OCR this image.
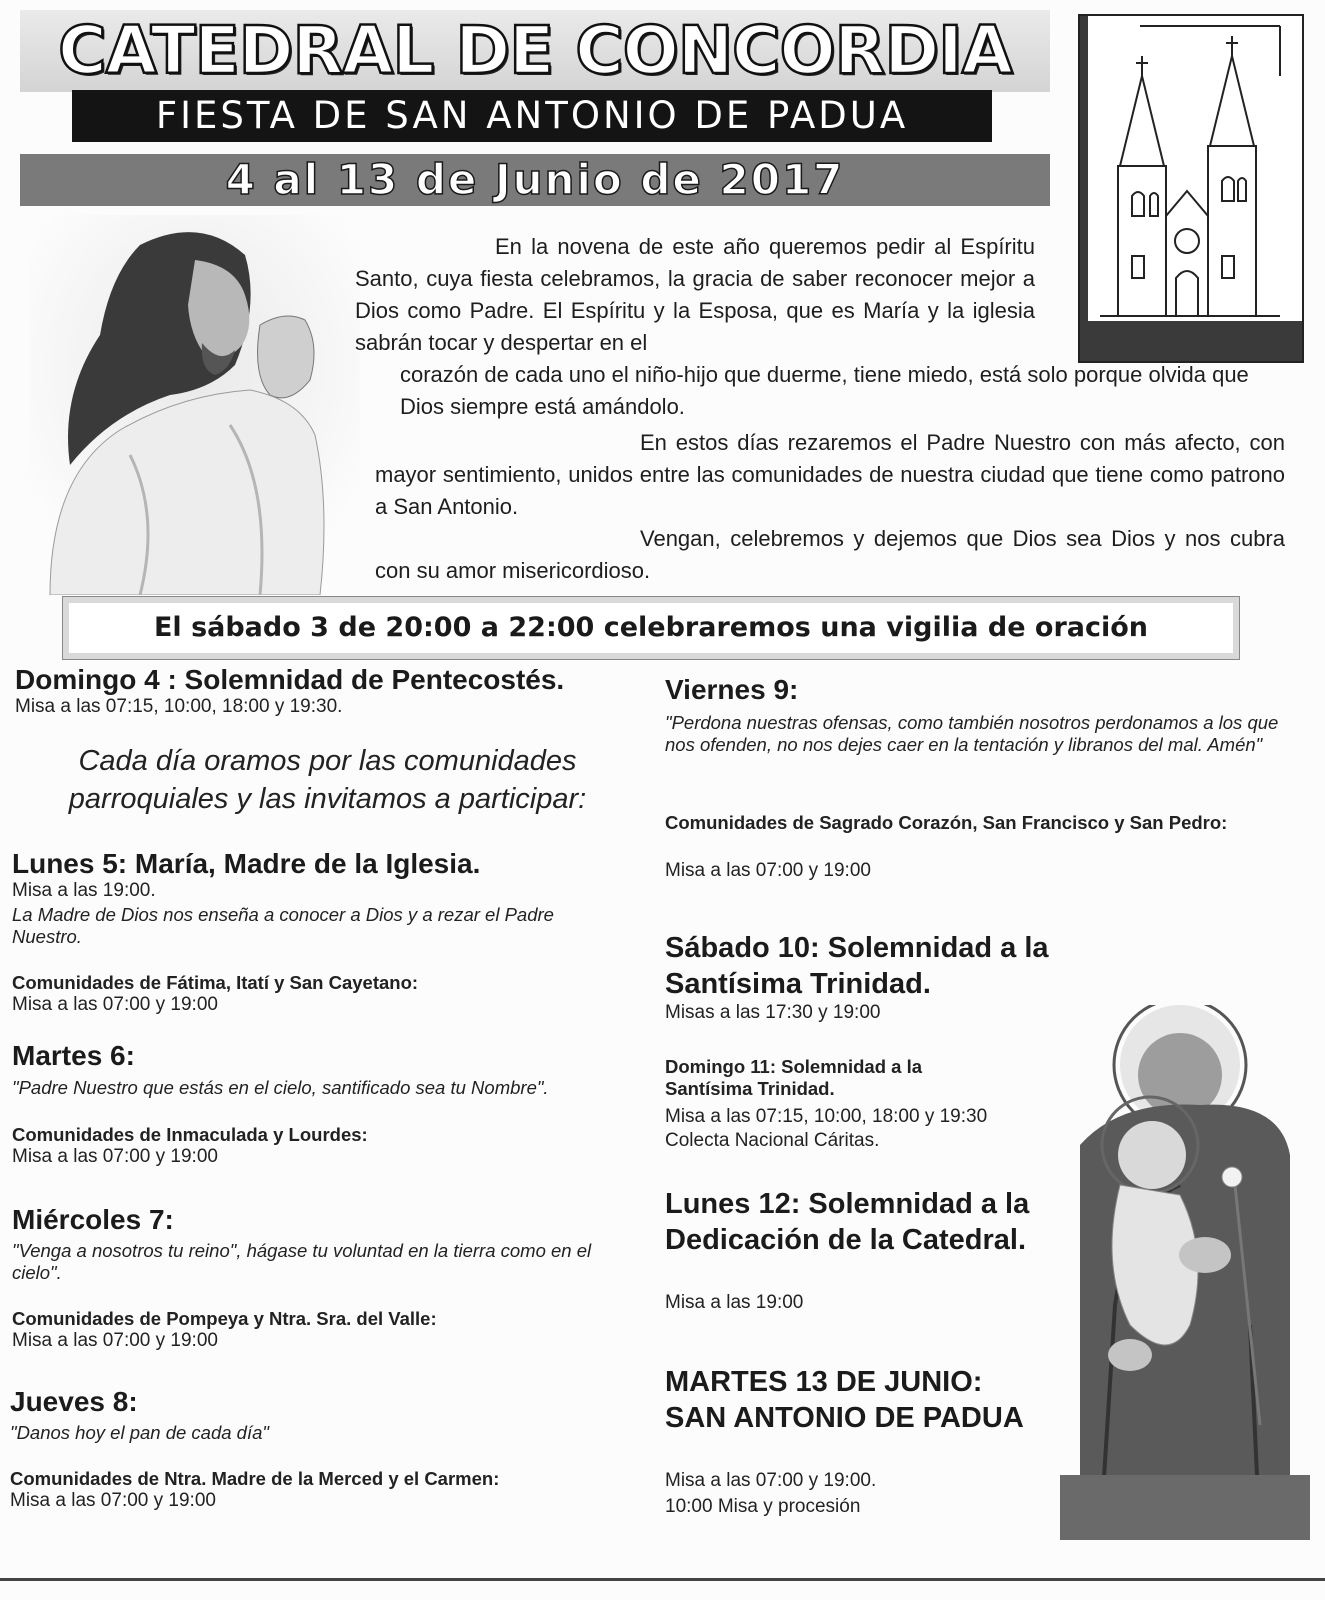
CATEDRAL DE CONCORDIA
FIESTA DE SAN ANTONIO DE PADUA
4 al 13 de Junio de 2017
En la novena de este año queremos pedir al Espíritu Santo, cuya fiesta celebramos, la gracia de saber reconocer mejor a Dios como Padre. El Espíritu y la Esposa, que es María y la iglesia sabrán tocar y despertar en el
corazón de cada uno el niño-hijo que duerme, tiene miedo, está solo porque olvida que Dios siempre está amándolo.
En estos días rezaremos el Padre Nuestro con más afecto, con mayor sentimiento, unidos entre las comunidades de nuestra ciudad que tiene como patrono a San Antonio.
Vengan, celebremos y dejemos que Dios sea Dios y nos cubra con su amor misericordioso.
El sábado 3 de 20:00 a 22:00 celebraremos una vigilia de oración
Domingo 4 : Solemnidad de Pentecostés.
Misa a las 07:15, 10:00, 18:00 y 19:30.
Cada día oramos por las comunidades parroquiales y las invitamos a participar:
Lunes 5: María, Madre de la Iglesia.
Misa a las 19:00.
La Madre de Dios nos enseña a conocer a Dios y a rezar el Padre Nuestro.
Comunidades de Fátima, Itatí y San Cayetano:
Misa a las 07:00 y 19:00
Martes 6:
"Padre Nuestro que estás en el cielo, santificado sea tu Nombre".
Comunidades de Inmaculada y Lourdes:
Misa a las 07:00 y 19:00
Miércoles 7:
"Venga a nosotros tu reino", hágase tu voluntad en la tierra como en el cielo".
Comunidades de Pompeya y Ntra. Sra. del Valle:
Misa a las 07:00 y 19:00
Jueves 8:
"Danos hoy el pan de cada día"
Comunidades de Ntra. Madre de la Merced y el Carmen:
Misa a las 07:00 y 19:00
Viernes 9:
"Perdona nuestras ofensas, como también nosotros perdonamos a los que nos ofenden, no nos dejes caer en la tentación y libranos del mal. Amén"
Comunidades de Sagrado Corazón, San Francisco y San Pedro:
Misa a las 07:00 y 19:00
Sábado 10: Solemnidad a la Santísima Trinidad.
Misas a las 17:30 y 19:00
Domingo 11: Solemnidad a la Santísima Trinidad.
Misa a las 07:15, 10:00, 18:00 y 19:30
Colecta Nacional Cáritas.
Lunes 12: Solemnidad a la Dedicación de la Catedral.
Misa a las 19:00
MARTES 13 DE JUNIO: SAN ANTONIO DE PADUA
Misa a las 07:00 y 19:00.
10:00 Misa y procesión
